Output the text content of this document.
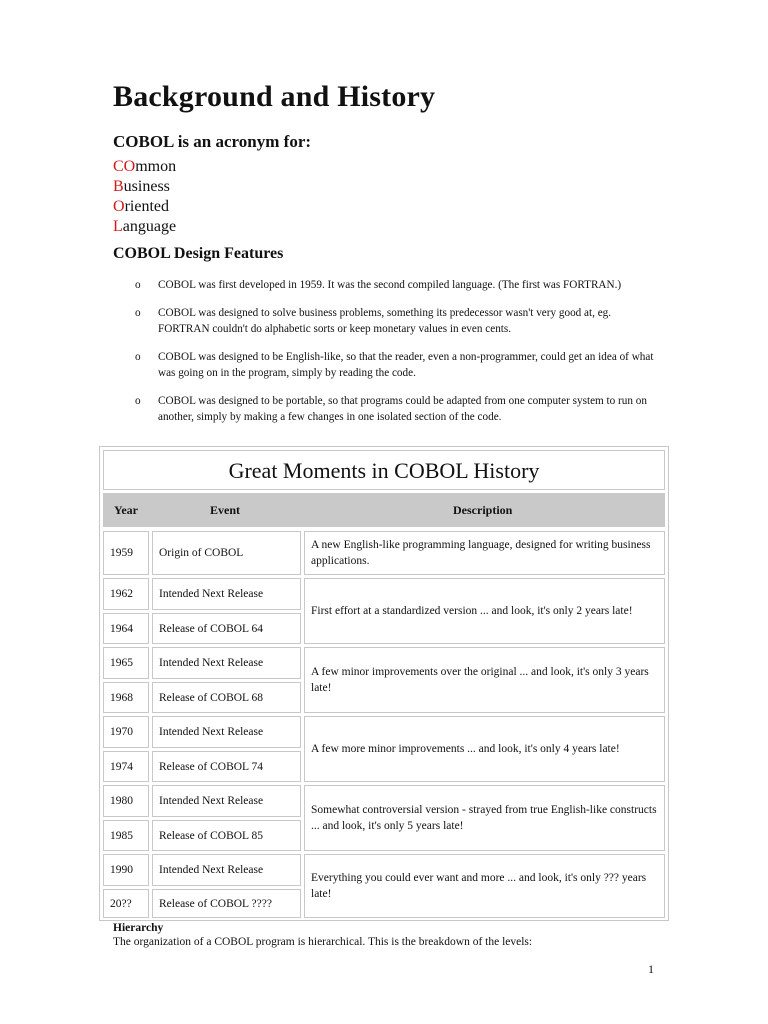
Background and History
COBOL is an acronym for:
COmmon
Business
Oriented
Language
COBOL Design Features
o COBOL was first developed in 1959. It was the second compiled language. (The first was FORTRAN.)
o COBOL was designed to solve business problems, something its predecessor wasn't very good at, eg. FORTRAN couldn't do alphabetic sorts or keep monetary values in even cents.
o COBOL was designed to be English-like, so that the reader, even a non-programmer, could get an idea of what was going on in the program, simply by reading the code.
o COBOL was designed to be portable, so that programs could be adapted from one computer system to run on another, simply by making a few changes in one isolated section of the code.
Great Moments in COBOL History
Year	Event	Description
1959
1962
1964
1965
1968
1970
1974
1980
1985
1990
20??
Origin of COBOL
Intended Next Release
Release of COBOL 64
Intended Next Release
Release of COBOL 68
Intended Next Release
Release of COBOL 74
Intended Next Release
Release of COBOL 85
Intended Next Release
Release of COBOL ????
A new English-like programming language, designed for writing business applications.
First effort at a standardized version ... and look, it's only 2 years late!
A few minor improvements over the original ... and look, it's only 3 years late!
A few more minor improvements ... and look, it's only 4 years late!
Somewhat controversial version - strayed from true English-like constructs ... and look, it's only 5 years late!
Everything you could ever want and more ... and look, it's only ??? years late!
Hierarchy

The organization of a COBOL program is hierarchical. This is the breakdown of the levels:

1
